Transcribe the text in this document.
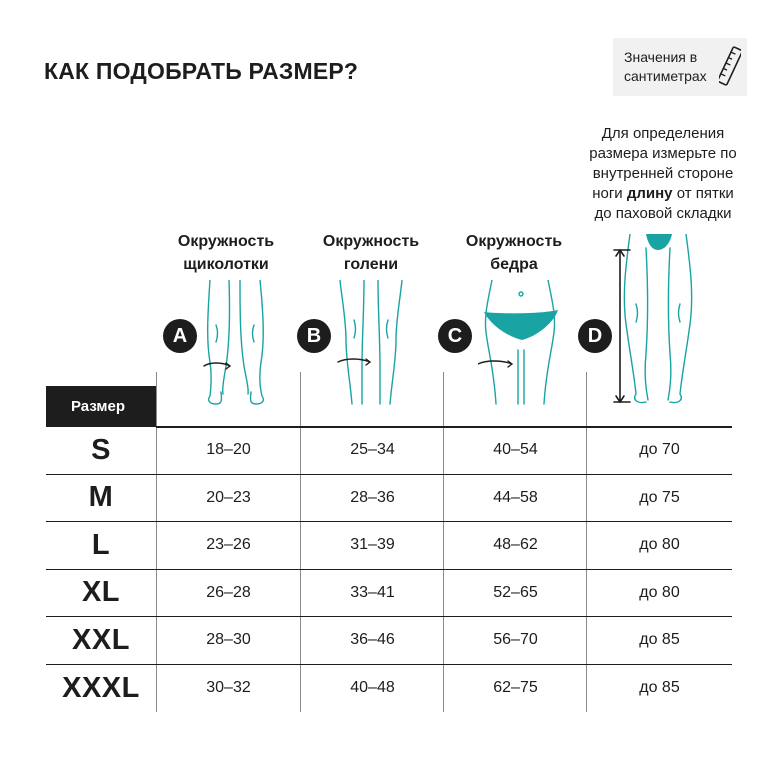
КАК ПОДОБРАТЬ РАЗМЕР?
Значения в сантиметрах
Для определения
размера измерьте по
внутренней стороне
ноги длину от пятки
до паховой складки
Окружность
щиколотки
Окружность
голени
Окружность
бедра
A	B	C	D
Размер
S	18–20	25–34	40–54	до 70
M	20–23	28–36	44–58	до 75
L	23–26	31–39	48–62	до 80
XL	26–28	33–41	52–65	до 80
XXL	28–30	36–46	56–70	до 85
XXXL	30–32	40–48	62–75	до 85
